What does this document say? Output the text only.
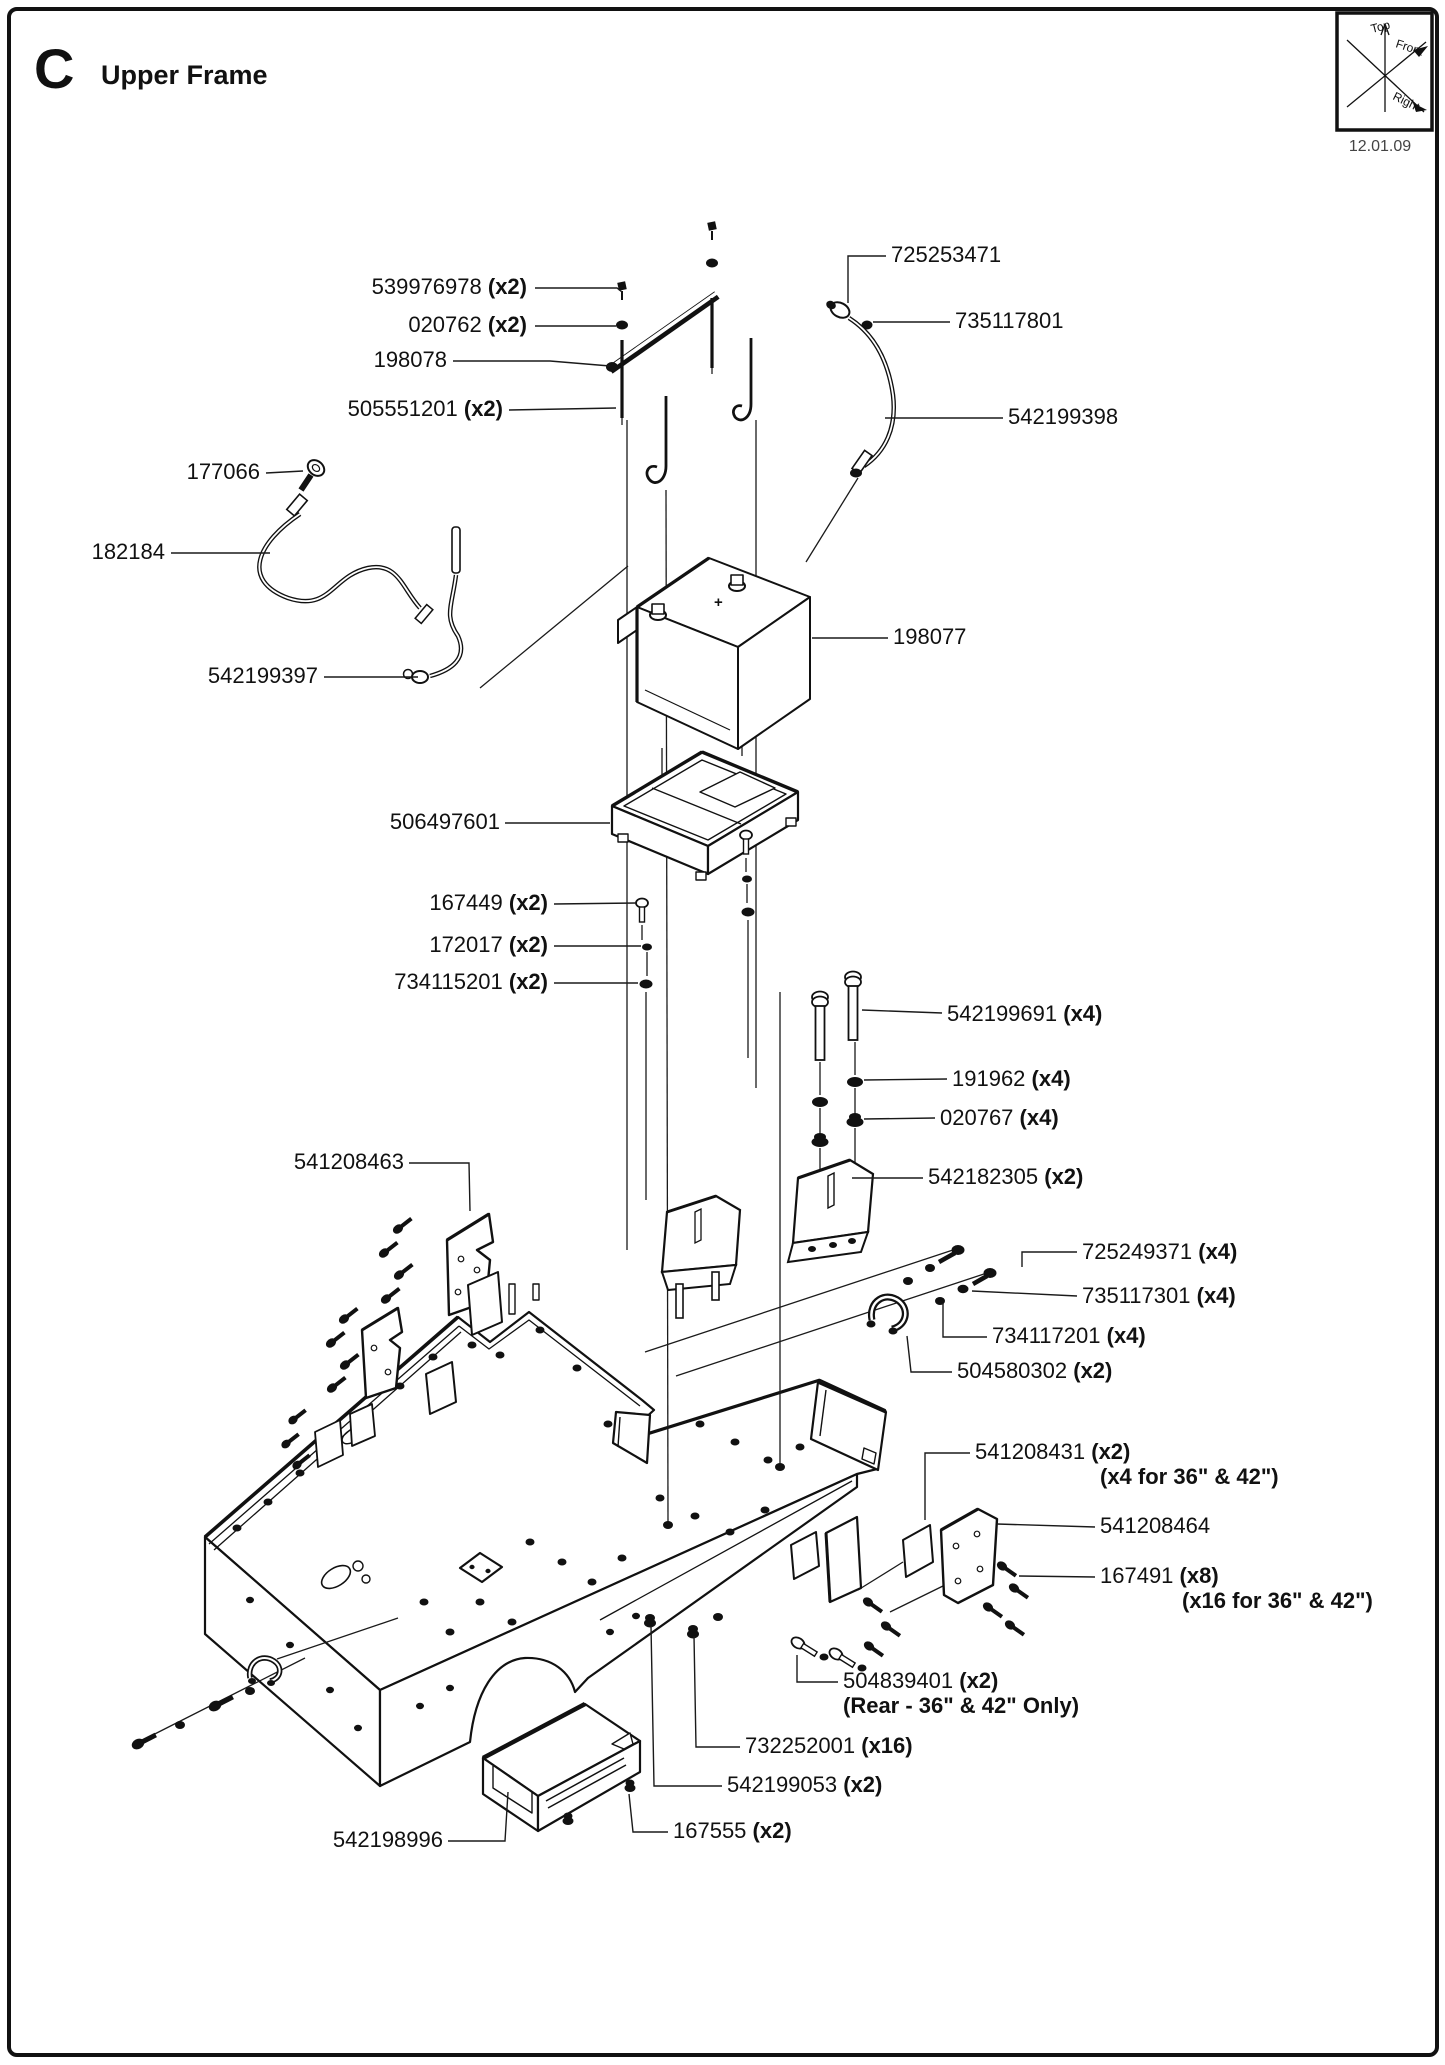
+
Top
Front
Right
C Upper Frame
12.01.09
539976978 (x2)
020762 (x2)
198078
505551201 (x2)
725253471
735117801
542199398
177066
182184
542199397
198077
506497601
167449 (x2)
172017 (x2)
734115201 (x2)
542199691 (x4)
191962 (x4)
020767 (x4)
542182305 (x2)
541208463
725249371 (x4)
735117301 (x4)
734117201 (x4)
504580302 (x2)
541208431 (x2)
(x4 for 36" & 42")
541208464
167491 (x8)
(x16 for 36" & 42")
504839401 (x2)
(Rear - 36" & 42" Only)
732252001 (x16)
542199053 (x2)
167555 (x2)
542198996
